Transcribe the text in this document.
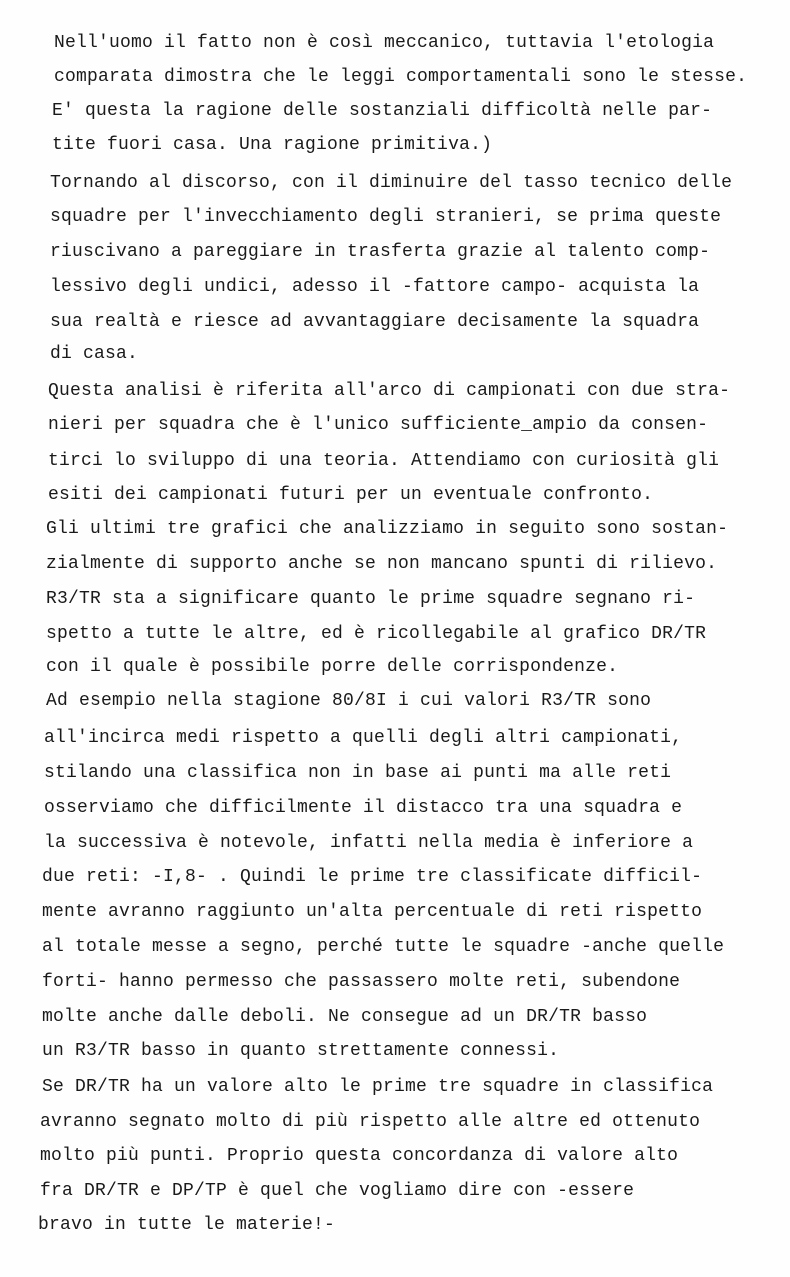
Nell'uomo il fatto non è così meccanico, tuttavia l'etologia
comparata dimostra che le leggi comportamentali sono le stesse.
E' questa la ragione delle sostanziali difficoltà nelle par-
tite fuori casa. Una ragione primitiva.)
Tornando al discorso, con il diminuire del tasso tecnico delle
squadre per l'invecchiamento degli stranieri, se prima queste
riuscivano a pareggiare in trasferta grazie al talento comp-
lessivo degli undici, adesso il -fattore campo- acquista la
sua realtà e riesce ad avvantaggiare decisamente la squadra
di casa.
Questa analisi è riferita all'arco di campionati con due stra-
nieri per squadra che è l'unico sufficiente_ampio da consen-
tirci lo sviluppo di una teoria. Attendiamo con curiosità gli
esiti dei campionati futuri per un eventuale confronto.
Gli ultimi tre grafici che analizziamo in seguito sono sostan-
zialmente di supporto anche se non mancano spunti di rilievo.
R3/TR sta a significare quanto le prime squadre segnano ri-
spetto a tutte le altre, ed è ricollegabile al grafico DR/TR
con il quale è possibile porre delle corrispondenze.
Ad esempio nella stagione 80/8I i cui valori R3/TR sono
all'incirca medi rispetto a quelli degli altri campionati,
stilando una classifica non in base ai punti ma alle reti
osserviamo che difficilmente il distacco tra una squadra e
la successiva è notevole, infatti nella media è inferiore a
due reti: -I,8- . Quindi le prime tre classificate difficil-
mente avranno raggiunto un'alta percentuale di reti rispetto
al totale messe a segno, perché tutte le squadre -anche quelle
forti- hanno permesso che passassero molte reti, subendone
molte anche dalle deboli. Ne consegue ad un DR/TR basso
un R3/TR basso in quanto strettamente connessi.
Se DR/TR ha un valore alto le prime tre squadre in classifica
avranno segnato molto di più rispetto alle altre ed ottenuto
molto più punti. Proprio questa concordanza di valore alto
fra DR/TR e DP/TP è quel che vogliamo dire con -essere
bravo in tutte le materie!-
